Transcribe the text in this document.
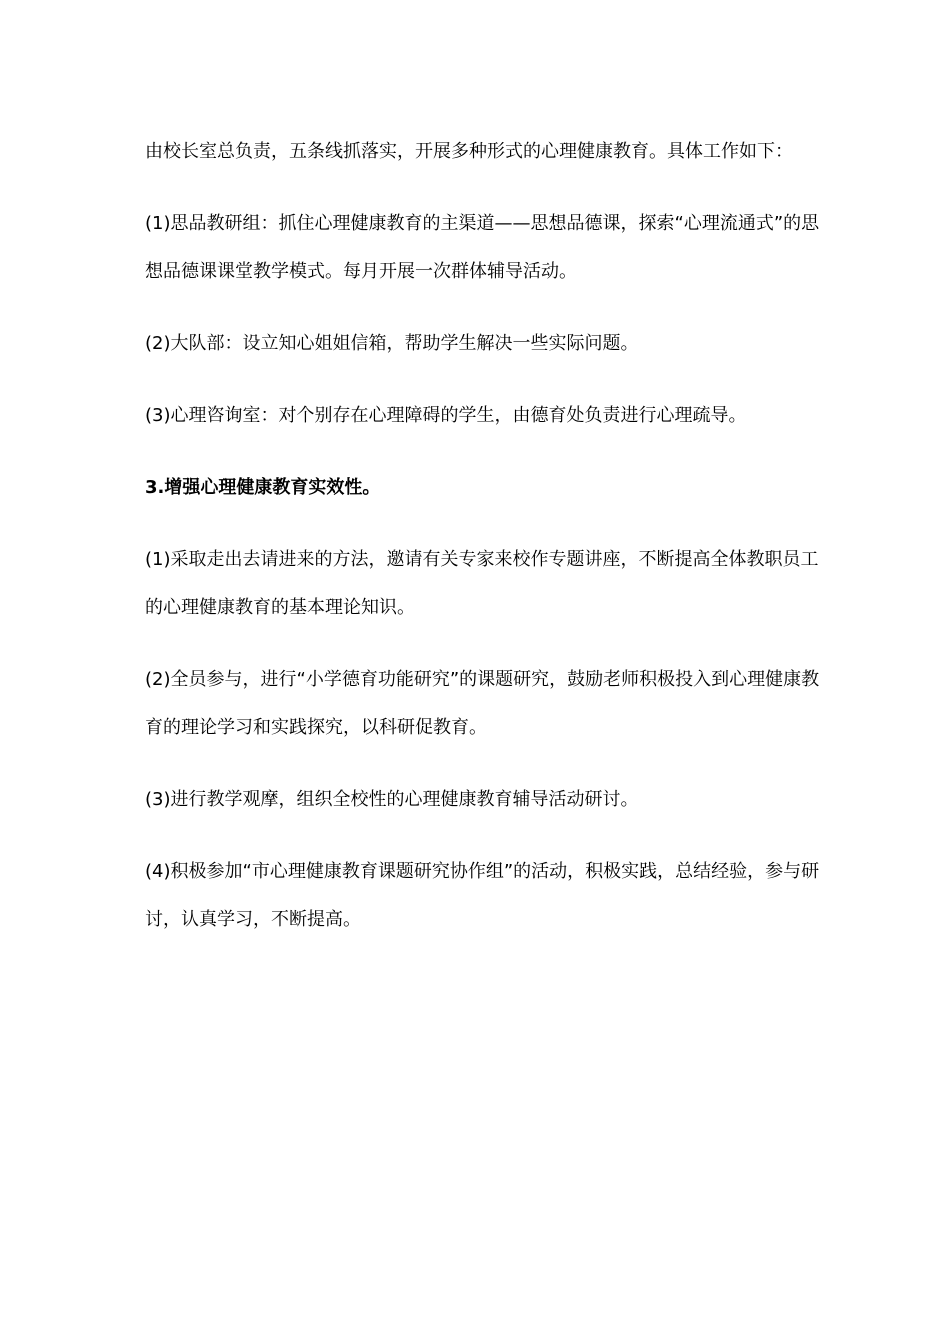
由校长室总负责，五条线抓落实，开展多种形式的心理健康教育。具体工作如下：

(1)思品教研组：抓住心理健康教育的主渠道——思想品德课，探索“心理流通式”的思想品德课课堂教学模式。每月开展一次群体辅导活动。

(2)大队部：设立知心姐姐信箱，帮助学生解决一些实际问题。

(3)心理咨询室：对个别存在心理障碍的学生，由德育处负责进行心理疏导。

3.增强心理健康教育实效性。

(1)采取走出去请进来的方法，邀请有关专家来校作专题讲座，不断提高全体教职员工的心理健康教育的基本理论知识。

(2)全员参与，进行“小学德育功能研究”的课题研究，鼓励老师积极投入到心理健康教育的理论学习和实践探究，以科研促教育。

(3)进行教学观摩，组织全校性的心理健康教育辅导活动研讨。

(4)积极参加“市心理健康教育课题研究协作组”的活动，积极实践，总结经验，参与研讨，认真学习，不断提高。
